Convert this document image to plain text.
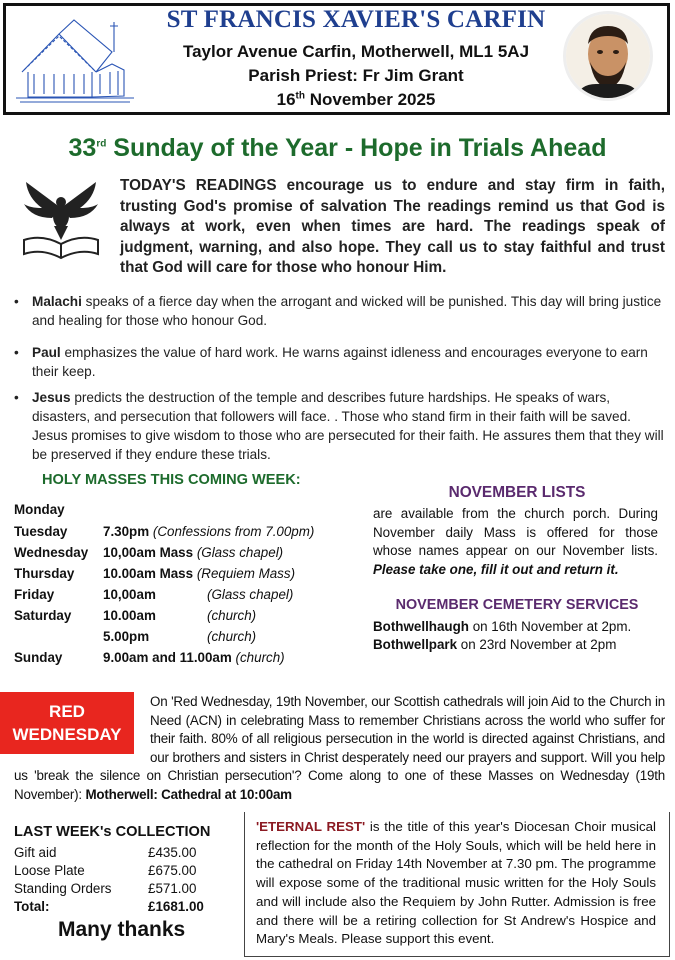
ST FRANCIS XAVIER'S CARFIN
Taylor Avenue Carfin, Motherwell, ML1 5AJ
Parish Priest: Fr Jim Grant
16th November 2025
33rd Sunday of the Year - Hope in Trials Ahead
TODAY'S READINGS encourage us to endure and stay firm in faith, trusting God's promise of salvation The readings remind us that God is always at work, even when times are hard. The readings speak of judgment, warning, and also hope. They call us to stay faithful and trust that God will care for those who honour Him.
• Malachi speaks of a fierce day when the arrogant and wicked will be punished. This day will bring justice and healing for those who honour God.
• Paul emphasizes the value of hard work. He warns against idleness and encourages everyone to earn their keep.
• Jesus predicts the destruction of the temple and describes future hardships. He speaks of wars, disasters, and persecution that followers will face. . Those who stand firm in their faith will be saved. Jesus promises to give wisdom to those who are persecuted for their faith. He assures them that they will be preserved if they endure these trials.
HOLY MASSES THIS COMING WEEK:
Monday
Tuesday	7.30pm (Confessions from 7.00pm)
Wednesday 10,00am Mass (Glass chapel)
Thursday 10.00am Mass (Requiem Mass)
Friday	10,00am	(Glass chapel)
Saturday 10.00am	(church)
5.00pm	(church)
Sunday	9.00am and 11.00am (church)
NOVEMBER LISTS
are available from the church porch. During November daily Mass is offered for those whose names appear on our November lists. Please take one, fill it out and return it.
NOVEMBER CEMETERY SERVICES
Bothwellhaugh on 16th November at 2pm.
Bothwellpark on 23rd November at 2pm
On 'Red Wednesday, 19th November, our Scottish cathedrals will join Aid to the Church in Need (ACN) in celebrating Mass to remember Christians across the world who suffer for their faith. 80% of all religious persecution in the world is directed against Christians, and our brothers and sisters in Christ desperately need our prayers and support. Will you help us 'break the silence on Christian persecution'? Come along to one of these Masses on Wednesday (19th November): Motherwell: Cathedral at 10:00am
RED
WEDNESDAY
LAST WEEK's COLLECTION
Gift aid	£435.00
Loose Plate	£675.00
Standing Orders	£571.00
Total:	£1681.00
Many thanks
'ETERNAL REST' is the title of this year's Diocesan Choir musical reflection for the month of the Holy Souls, which will be held here in the cathedral on Friday 14th November at 7.30 pm. The programme will expose some of the traditional music written for the Holy Souls and will include also the Requiem by John Rutter. Admission is free and there will be a retiring collection for St Andrew's Hospice and Mary's Meals. Please support this event.
